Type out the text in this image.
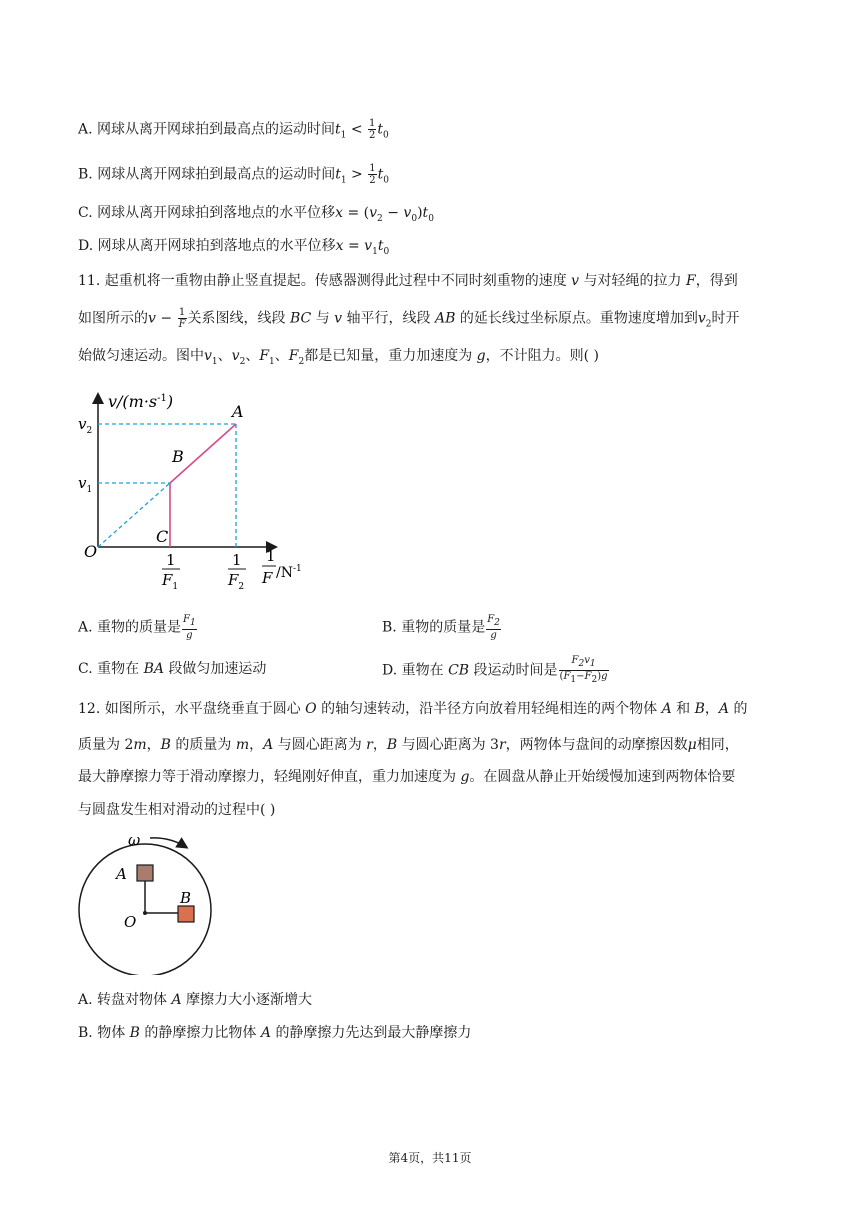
A. 网球从离开网球拍到最高点的运动时间$t_1 < \frac{1}{2} t_0$
B. 网球从离开网球拍到最高点的运动时间$t_1 > \frac{1}{2} t_0$
C. 网球从离开网球拍到落地点的水平位移$x = (v_2 - v_0)t_0$
D. 网球从离开网球拍到落地点的水平位移$x = v_1t_0$
11. 起重机将一重物由静止竖直提起。传感器测得此过程中不同时刻重物的速度 v 与对轻绳的拉力 F，得到
如图所示的$v - \frac{1}{F}$ 关系图线，线段 BC 与 v 轴平行，线段 AB 的延长线过坐标原点。重物速度增加到$v_2$时开
始做匀速运动。图中$v_1$、$v_2$、$F_1$、$F_2$都是已知量，重力加速度为 g，不计阻力。则( )
$v/(m\cdot s^{-1})$
$v_2$
$v_1$
A
B
C
O	1
$F_1$
1
$F_2$
1
F $/N^{-1}$
A. 重物的质量是 $\frac{F_1}{g}$	B. 重物的质量是 $\frac{F_2}{g}$
C. 重物在 BA 段做匀加速运动	D. 重物在 CB 段运动时间是 $\frac{F_2v_1}{(F_1-F_2)g}$
12. 如图所示，水平盘绕垂直于圆心 O 的轴匀速转动，沿半径方向放着用轻绳相连的两个物体 A 和 B，A 的
质量为 2m，B 的质量为 m，A 与圆心距离为 r，B 与圆心距离为 3r，两物体与盘间的动摩擦因数μ相同，
最大静摩擦力等于滑动摩擦力，轻绳刚好伸直，重力加速度为 g。在圆盘从静止开始缓慢加速到两物体恰要
与圆盘发生相对滑动的过程中( )
ω
A
B
O
A. 转盘对物体 A 摩擦力大小逐渐增大
B. 物体 B 的静摩擦力比物体 A 的静摩擦力先达到最大静摩擦力
第4页，共11页
